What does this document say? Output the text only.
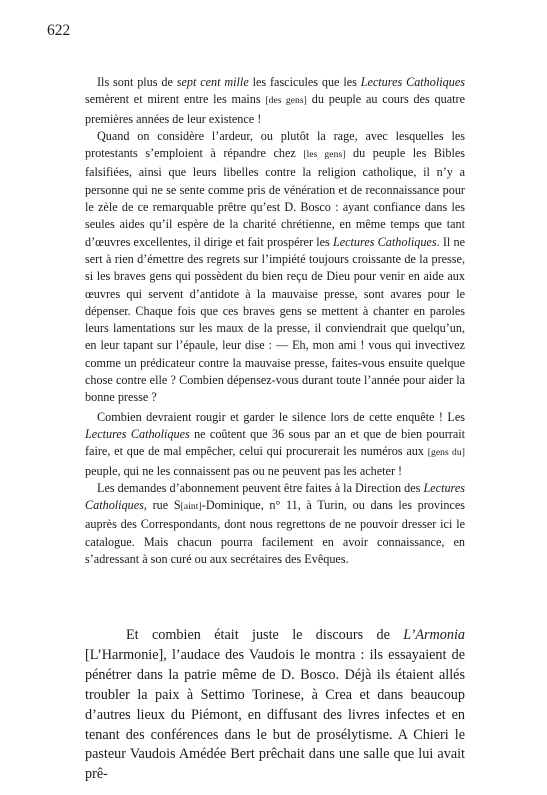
622

Ils sont plus de sept cent mille les fascicules que les Lectures Catholiques semèrent et mirent entre les mains [des gens] du peuple au cours des quatre premières années de leur existence !

Quand on considère l’ardeur, ou plutôt la rage, avec lesquelles les protestants s’emploient à répandre chez [les gens] du peuple les Bibles falsifiées, ainsi que leurs libelles contre la religion catholique, il n’y a personne qui ne se sente comme pris de vénération et de reconnaissance pour le zèle de ce remarquable prêtre qu’est D. Bosco : ayant confiance dans les seules aides qu’il espère de la charité chrétienne, en même temps que tant d’œuvres excellentes, il dirige et fait prospérer les Lectures Catholiques. Il ne sert à rien d’émettre des regrets sur l’impiété toujours croissante de la presse, si les braves gens qui possèdent du bien reçu de Dieu pour venir en aide aux œuvres qui servent d’antidote à la mauvaise presse, sont avares pour le dépenser. Chaque fois que ces braves gens se mettent à chanter en paroles leurs lamentations sur les maux de la presse, il conviendrait que quelqu’un, en leur tapant sur l’épaule, leur dise : — Eh, mon ami ! vous qui invectivez comme un prédicateur contre la mauvaise presse, faites-vous ensuite quelque chose contre elle ? Combien dépensez-vous durant toute l’année pour aider la bonne presse ?

Combien devraient rougir et garder le silence lors de cette enquête ! Les Lectures Catholiques ne coûtent que 36 sous par an et que de bien pourrait faire, et que de mal empêcher, celui qui procurerait les numéros aux [gens du] peuple, qui ne les connaissent pas ou ne peuvent pas les acheter !

Les demandes d’abonnement peuvent être faites à la Direction des Lectures Catholiques, rue S[aint]-Dominique, n° 11, à Turin, ou dans les provinces auprès des Correspondants, dont nous regrettons de ne pouvoir dresser ici le catalogue. Mais chacun pourra facilement en avoir connaissance, en s’adressant à son curé ou aux secrétaires des Evêques.

Et combien était juste le discours de L’Armonia [L’Harmonie], l’audace des Vaudois le montra : ils essayaient de pénétrer dans la patrie même de D. Bosco. Déjà ils étaient allés troubler la paix à Settimo Torinese, à Crea et dans beaucoup d’autres lieux du Piémont, en diffusant des livres infectes et en tenant des conférences dans le but de prosélytisme. A Chieri le pasteur Vaudois Amédée Bert prêchait dans une salle que lui avait prê-
